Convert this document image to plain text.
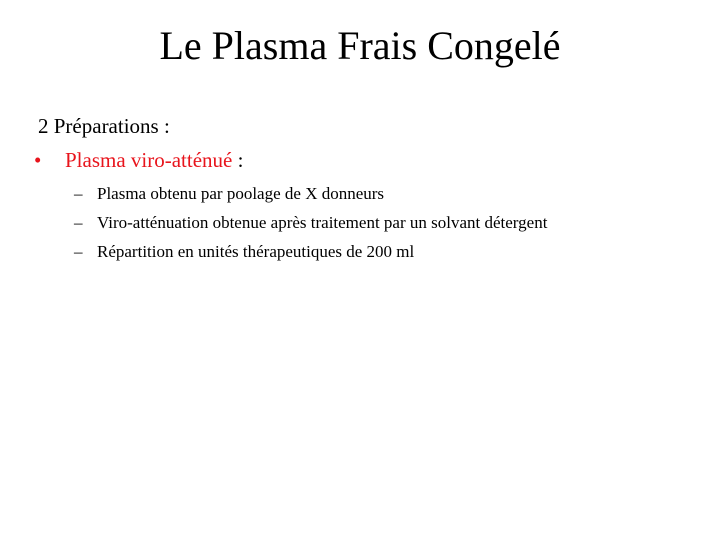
Le Plasma Frais Congelé
2 Préparations :
• Plasma viro-atténué :
– Plasma obtenu par poolage de X donneurs
– Viro-atténuation obtenue après traitement par un solvant détergent
– Répartition en unités thérapeutiques de 200 ml
